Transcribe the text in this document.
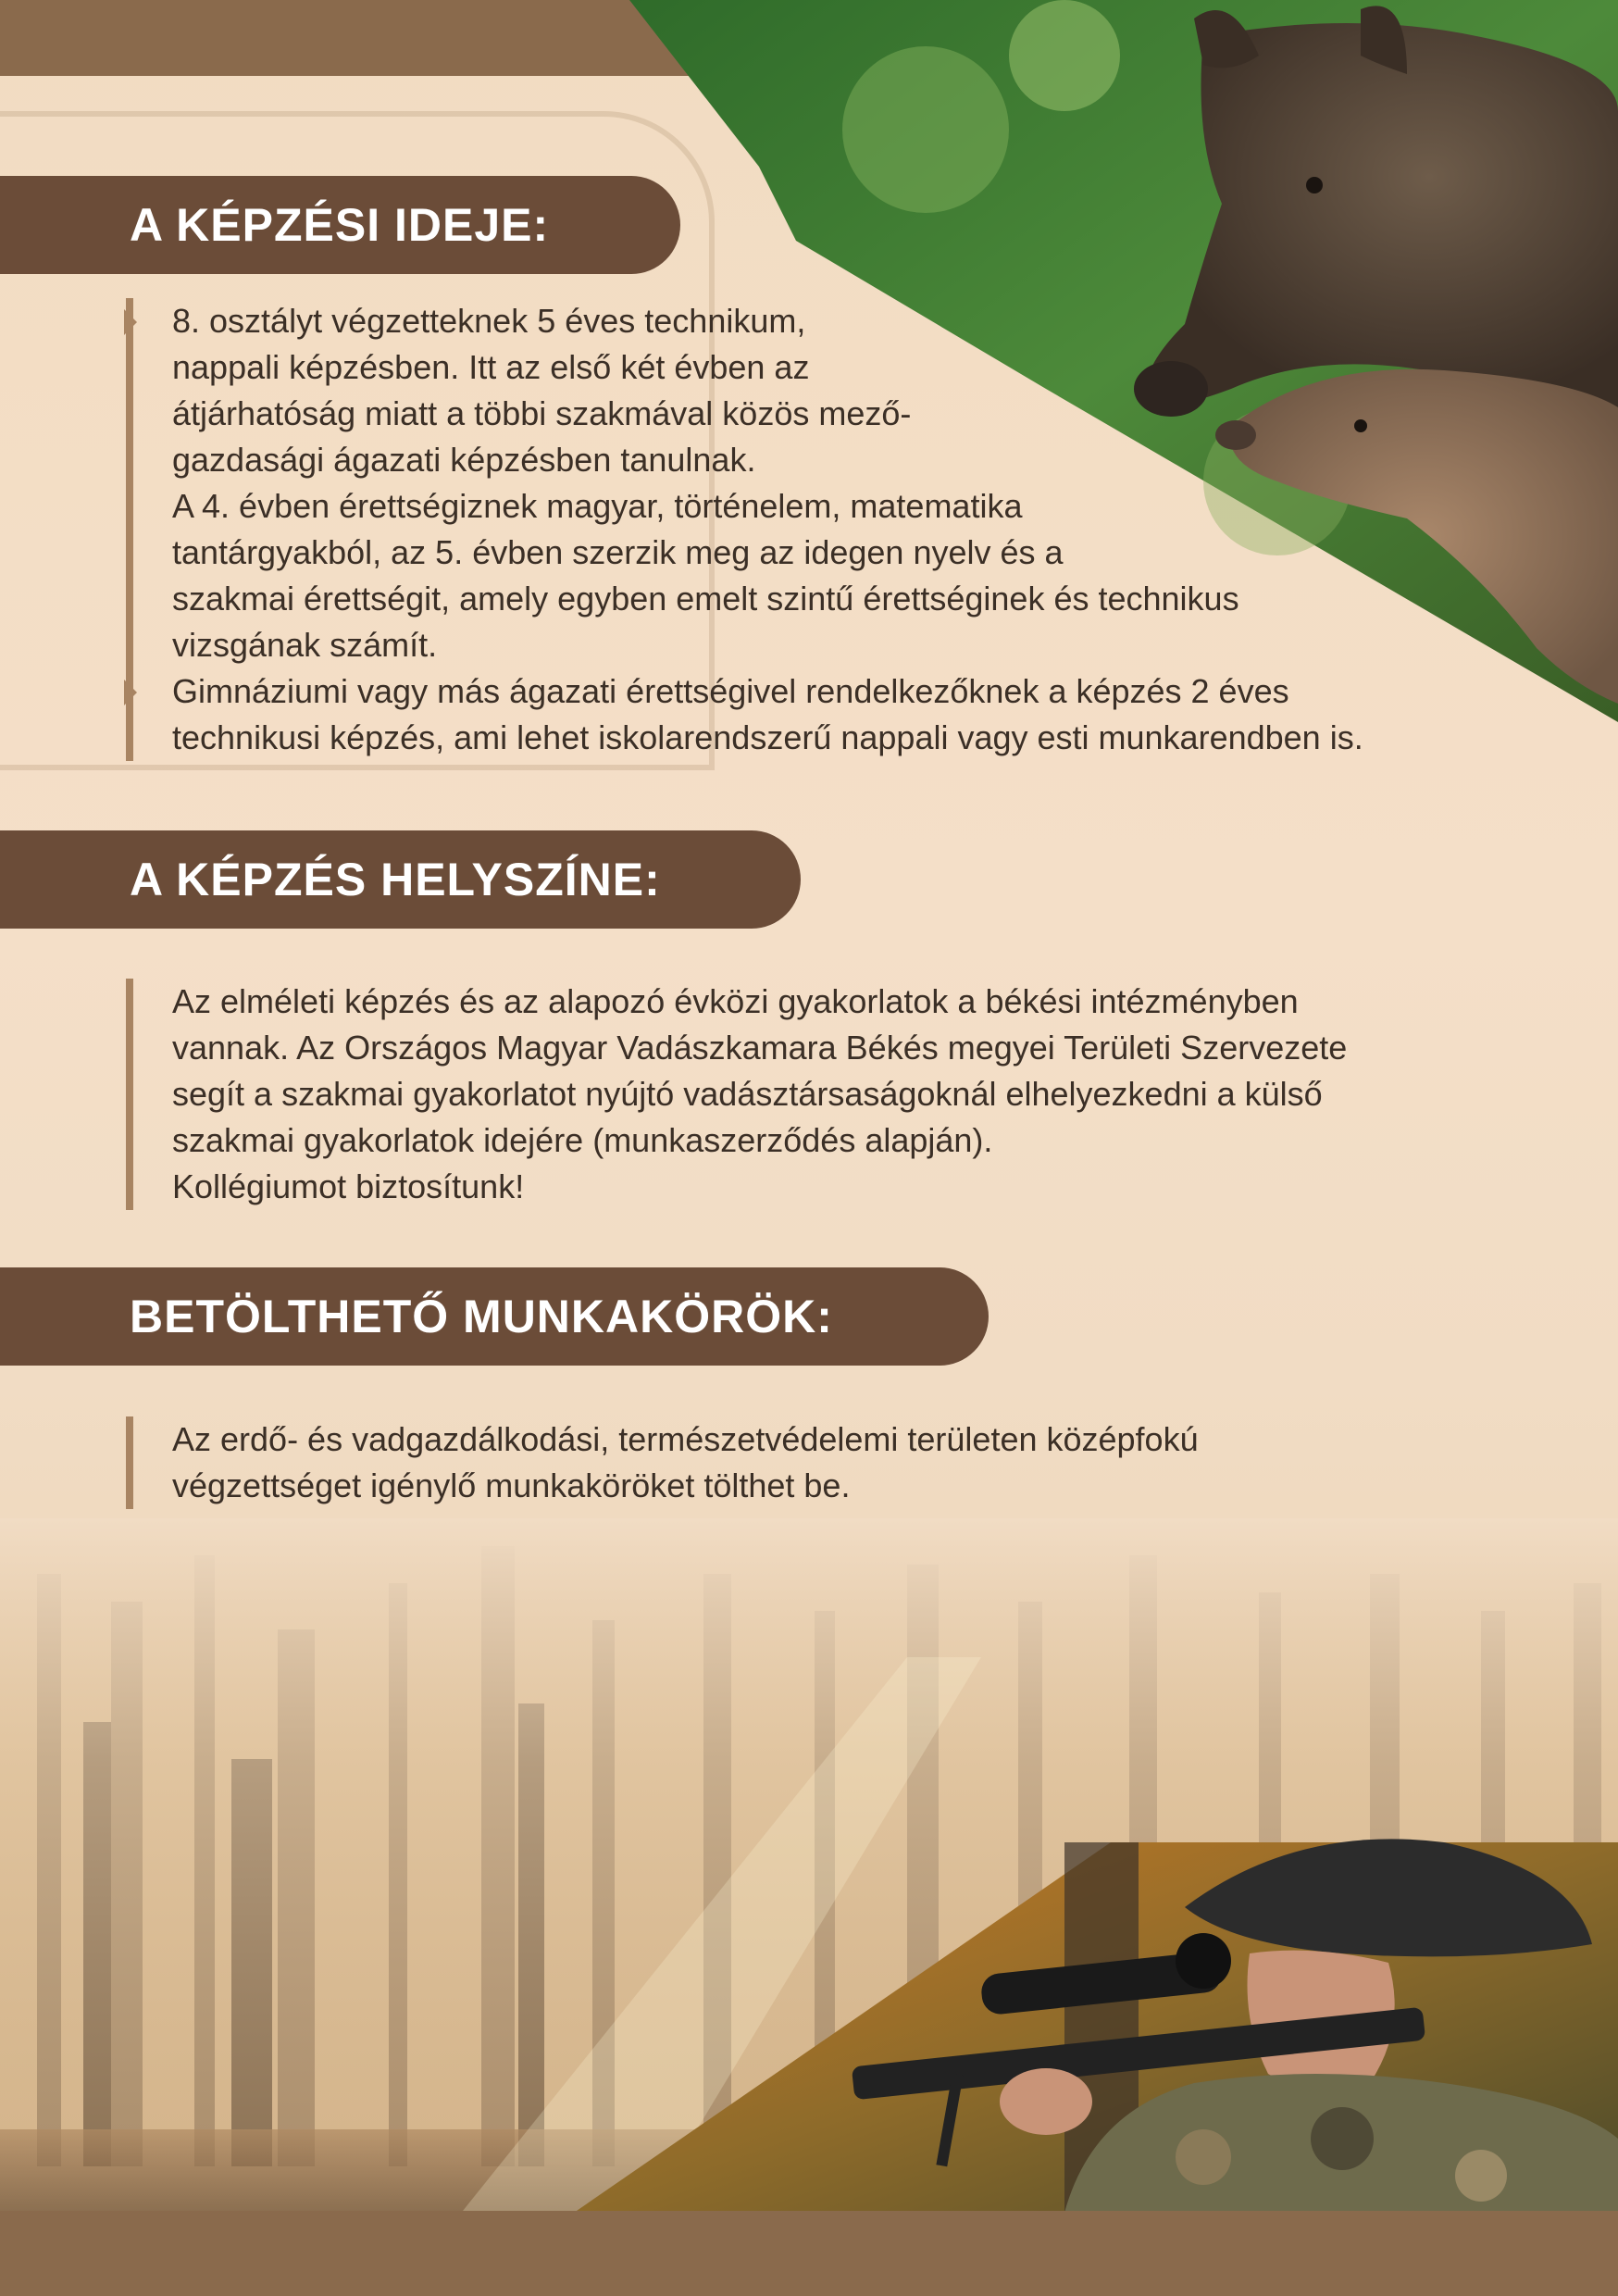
A KÉPZÉSI IDEJE:

8. osztályt végzetteknek 5 éves technikum,
nappali képzésben. Itt az első két évben az
átjárhatóság miatt a többi szakmával közös mező-
gazdasági ágazati képzésben tanulnak.
A 4. évben érettségiznek magyar, történelem, matematika
tantárgyakból, az 5. évben szerzik meg az idegen nyelv és a
szakmai érettségit, amely egyben emelt szintű érettséginek és technikus
vizsgának számít.

Gimnáziumi vagy más ágazati érettségivel rendelkezőknek a képzés 2 éves
technikusi képzés, ami lehet iskolarendszerű nappali vagy esti munkarendben is.

A KÉPZÉS HELYSZÍNE:

Az elméleti képzés és az alapozó évközi gyakorlatok a békési intézményben
vannak. Az Országos Magyar Vadászkamara Békés megyei Területi Szervezete
segít a szakmai gyakorlatot nyújtó vadásztársaságoknál elhelyezkedni a külső
szakmai gyakorlatok idejére (munkaszerződés alapján).
Kollégiumot biztosítunk!

BETÖLTHETŐ MUNKAKÖRÖK:

Az erdő- és vadgazdálkodási, természetvédelemi területen középfokú
végzettséget igénylő munkaköröket tölthet be.
